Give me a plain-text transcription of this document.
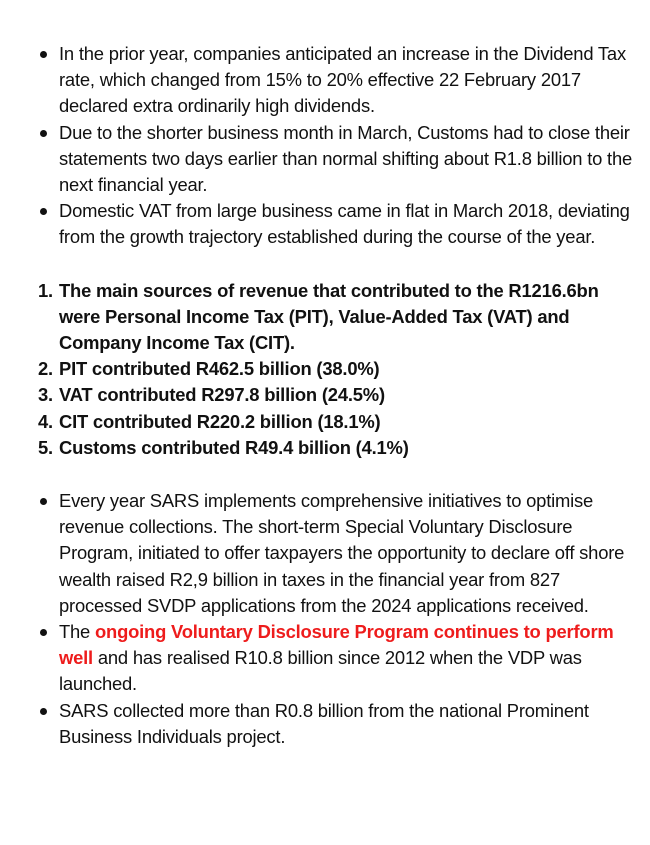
In the prior year, companies anticipated an increase in the Dividend Tax rate, which changed from 15% to 20% effective 22 February 2017 declared extra ordinarily high dividends.
Due to the shorter business month in March, Customs had to close their statements two days earlier than normal shifting about R1.8 billion to the next financial year.
Domestic VAT from large business came in flat in March 2018, deviating from the growth trajectory established during the course of the year.
1. The main sources of revenue that contributed to the R1216.6bn were Personal Income Tax (PIT), Value-Added Tax (VAT) and Company Income Tax (CIT).
2. PIT contributed R462.5 billion (38.0%)
3. VAT contributed R297.8 billion (24.5%)
4. CIT contributed R220.2 billion (18.1%)
5. Customs contributed R49.4 billion (4.1%)
Every year SARS implements comprehensive initiatives to optimise revenue collections. The short-term Special Voluntary Disclosure Program, initiated to offer taxpayers the opportunity to declare off shore wealth raised R2,9 billion in taxes in the financial year from 827 processed SVDP applications from the 2024 applications received.
The ongoing Voluntary Disclosure Program continues to perform well and has realised R10.8 billion since 2012 when the VDP was launched.
SARS collected more than R0.8 billion from the national Prominent Business Individuals project.
